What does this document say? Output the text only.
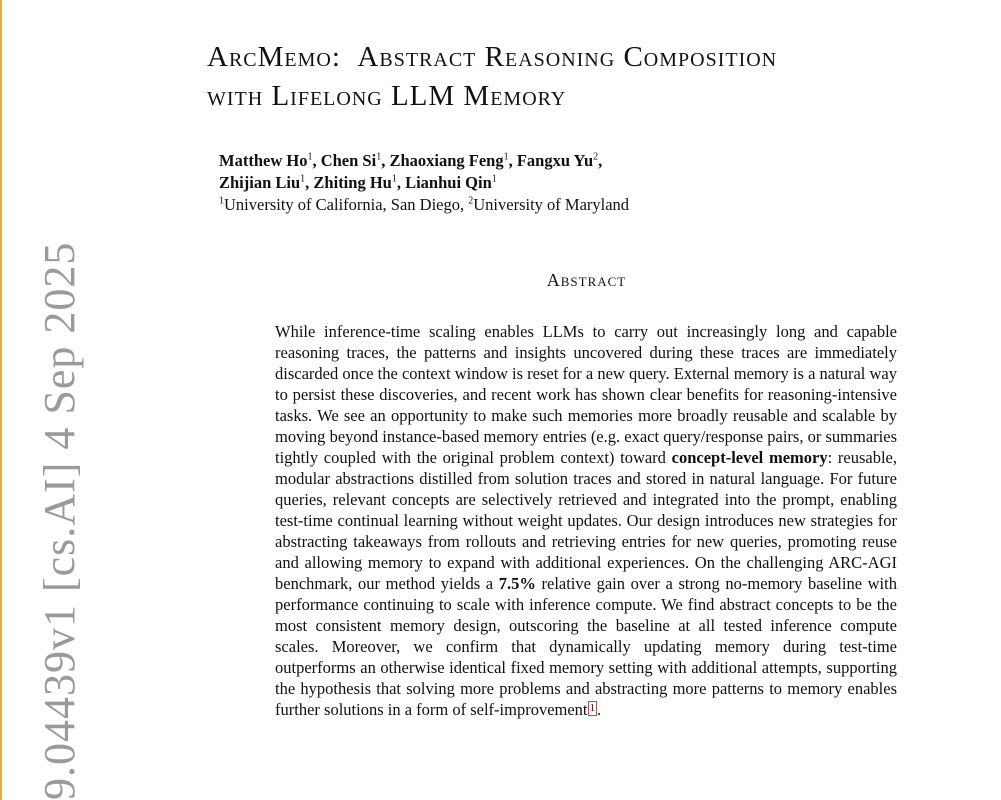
9.04439v1 [cs.AI] 4 Sep 2025
ArcMemo: Abstract Reasoning Composition
with Lifelong LLM Memory
Matthew Ho$^1$, Chen Si$^1$, Zhaoxiang Feng$^1$, Fangxu Yu$^2$,
Zhijian Liu$^1$, Zhiting Hu$^1$, Lianhui Qin$^1$
$^1$University of California, San Diego, $^2$University of Maryland
Abstract
While inference-time scaling enables LLMs to carry out increasingly long and capable reasoning traces, the patterns and insights uncovered during these traces are immediately discarded once the context window is reset for a new query. External memory is a natural way to persist these discoveries, and recent work has shown clear benefits for reasoning-intensive tasks. We see an opportunity to make such memories more broadly reusable and scalable by moving beyond instance-based memory entries (e.g. exact query/response pairs, or summaries tightly coupled with the original problem context) toward concept-level memory: reusable, modular abstractions distilled from solution traces and stored in natural language. For future queries, relevant concepts are selectively retrieved and integrated into the prompt, enabling test-time continual learning without weight updates. Our design introduces new strategies for abstracting takeaways from rollouts and retrieving entries for new queries, promoting reuse and allowing memory to expand with additional experiences. On the challenging ARC-AGI benchmark, our method yields a 7.5% relative gain over a strong no-memory baseline with performance continuing to scale with inference compute. We find abstract concepts to be the most consistent memory design, outscoring the baseline at all tested inference compute scales. Moreover, we confirm that dynamically updating memory during test-time outperforms an otherwise identical fixed memory setting with additional attempts, supporting the hypothesis that solving more problems and abstracting more patterns to memory enables further solutions in a form of self-improvement 1 .
